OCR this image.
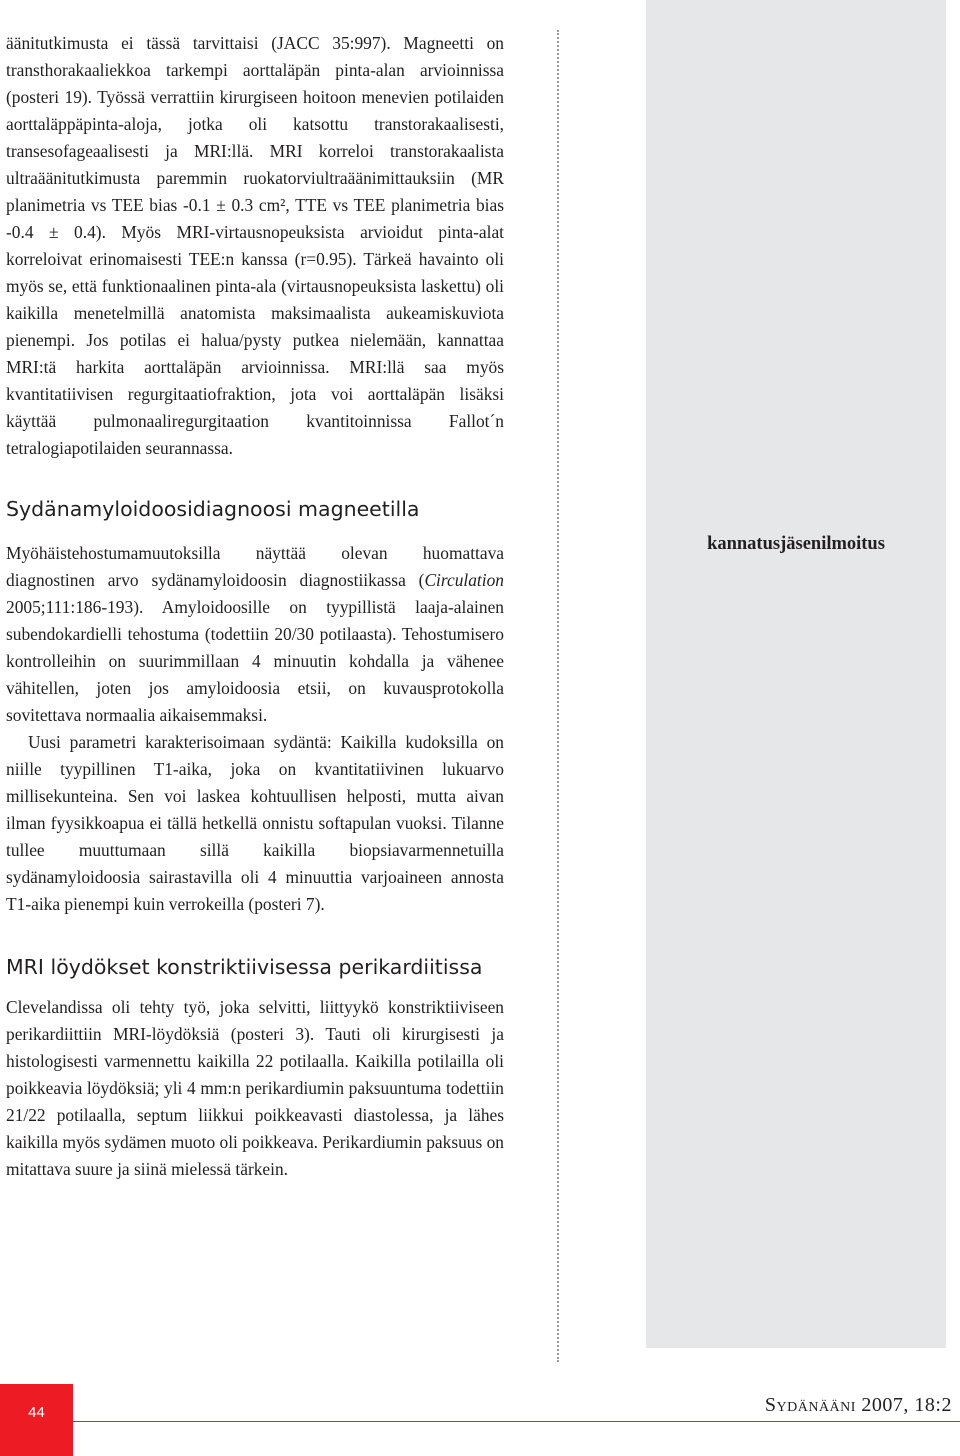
äänitutkimusta ei tässä tarvittaisi (JACC 35:997). Magneetti on transthorakaaliekkoa tarkempi aorttaläpän pinta-alan arvioinnissa (posteri 19). Työssä verrattiin kirurgiseen hoitoon menevien potilaiden aorttaläppäpinta-aloja, jotka oli katsottu transtorakaalisesti, transesofageaalisesti ja MRI:llä. MRI korreloi transtorakaalista ultraäänitutkimusta paremmin ruokatorviultraäänimittauksiin (MR planimetria vs TEE bias -0.1 ± 0.3 cm², TTE vs TEE planimetria bias -0.4 ± 0.4). Myös MRI-virtausnopeuksista arvioidut pinta-alat korreloivat erinomaisesti TEE:n kanssa (r=0.95). Tärkeä havainto oli myös se, että funktionaalinen pinta-ala (virtausnopeuksista laskettu) oli kaikilla menetelmillä anatomista maksimaalista aukeamiskuviota pienempi. Jos potilas ei halua/pysty putkea nielemään, kannattaa MRI:tä harkita aorttaläpän arvioinnissa. MRI:llä saa myös kvantitatiivisen regurgitaatiofraktion, jota voi aorttaläpän lisäksi käyttää pulmonaaliregurgitaation kvantitoinnissa Fallot´n tetralogiapotilaiden seurannassa.

Sydänamyloidoosidiagnoosi magneetilla

Myöhäistehostumamuutoksilla näyttää olevan huomattava diagnostinen arvo sydänamyloidoosin diagnostiikassa (Circulation 2005;111:186-193). Amyloidoosille on tyypillistä laaja-alainen subendokardielli tehostuma (todettiin 20/30 potilaasta). Tehostumisero kontrolleihin on suurimmillaan 4 minuutin kohdalla ja vähenee vähitellen, joten jos amyloidoosia etsii, on kuvausprotokolla sovitettava normaalia aikaisemmaksi.

Uusi parametri karakterisoimaan sydäntä: Kaikilla kudoksilla on niille tyypillinen T1-aika, joka on kvantitatiivinen lukuarvo millisekunteina. Sen voi laskea kohtuullisen helposti, mutta aivan ilman fyysikkoapua ei tällä hetkellä onnistu softapulan vuoksi. Tilanne tullee muuttumaan sillä kaikilla biopsiavarmennetuilla sydänamyloidoosia sairastavilla oli 4 minuuttia varjoaineen annosta T1-aika pienempi kuin verrokeilla (posteri 7).

MRI löydökset konstriktiivisessa perikardiitissa

Clevelandissa oli tehty työ, joka selvitti, liittyykö konstriktiiviseen perikardiittiin MRI-löydöksiä (posteri 3). Tauti oli kirurgisesti ja histologisesti varmennettu kaikilla 22 potilaalla. Kaikilla potilailla oli poikkeavia löydöksiä; yli 4 mm:n perikardiumin paksuuntuma todettiin 21/22 potilaalla, septum liikkui poikkeavasti diastolessa, ja lähes kaikilla myös sydämen muoto oli poikkeava. Perikardiumin paksuus on mitattava suure ja siinä mielessä tärkein.

kannatusjäsenilmoitus
44	Sydänääni 2007, 18:2
